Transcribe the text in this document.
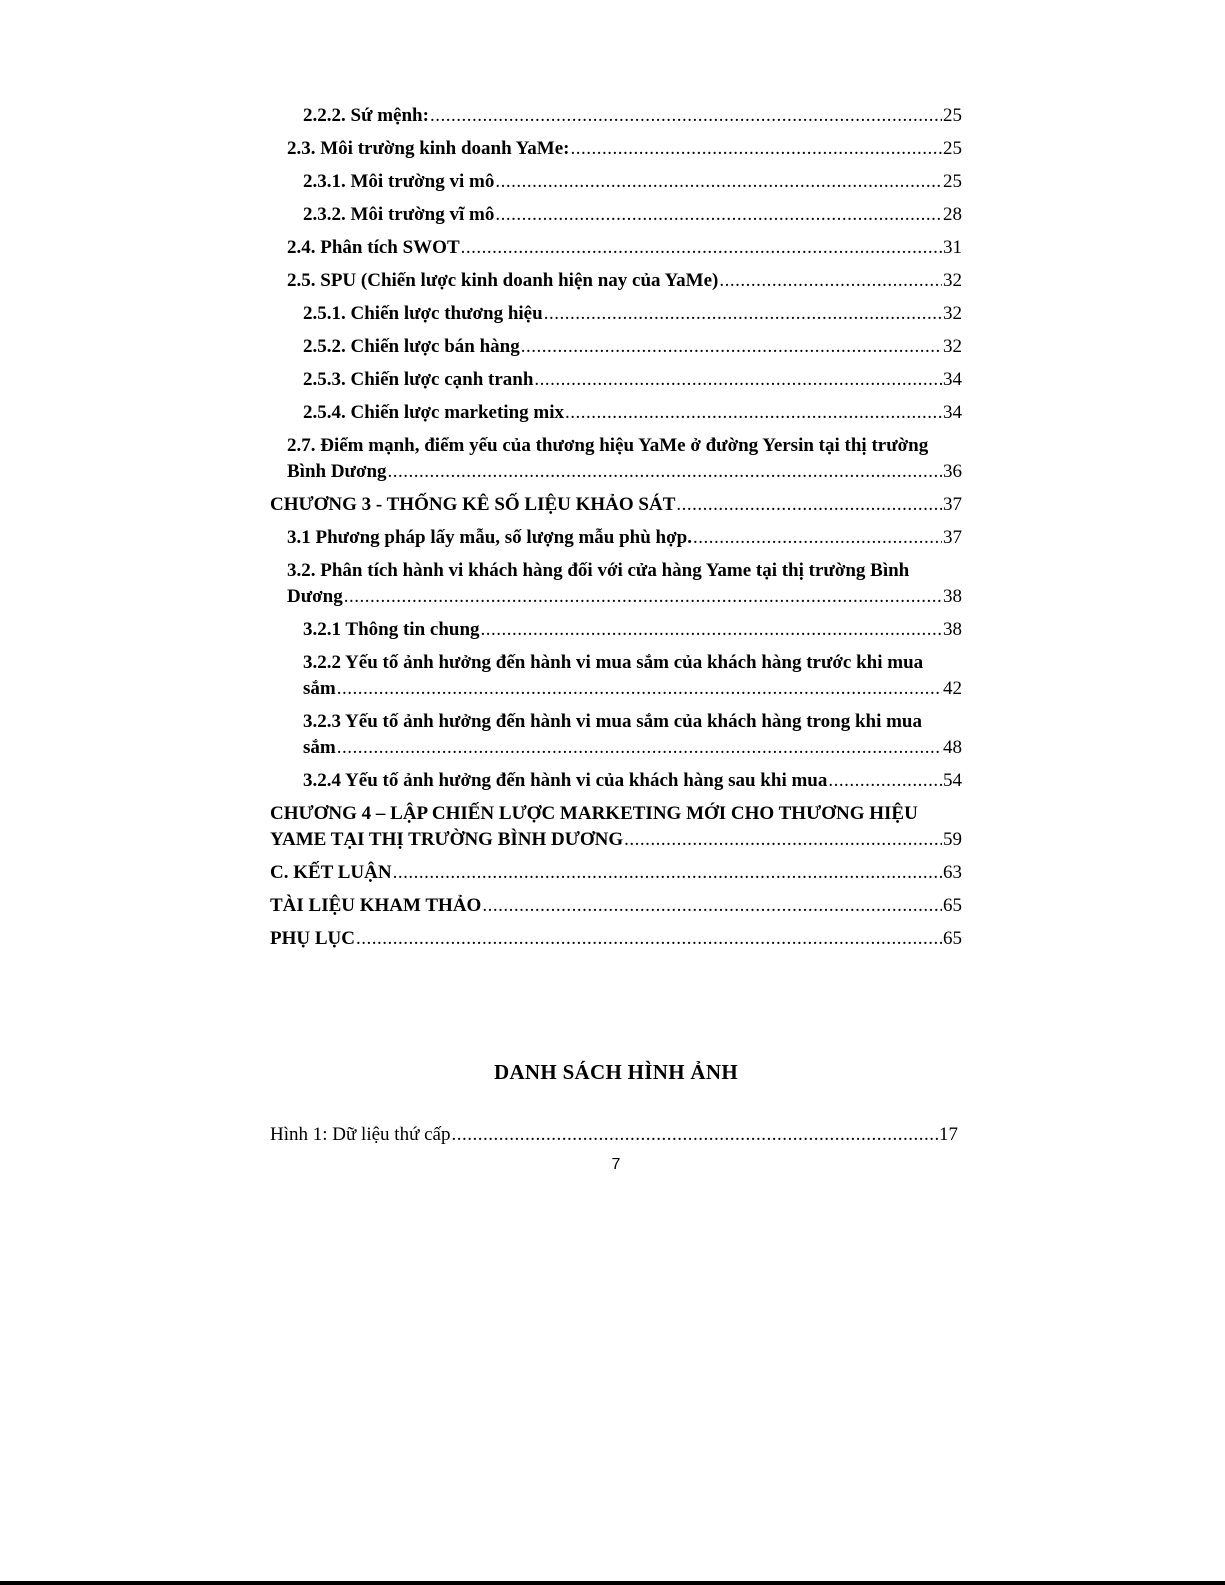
2.2.2. Sứ mệnh: .....	25
2.3. Môi trường kinh doanh YaMe: .....	25
2.3.1. Môi trường vi mô .....	25
2.3.2. Môi trường vĩ mô .....	28
2.4. Phân tích SWOT .....	31
2.5. SPU (Chiến lược kinh doanh hiện nay của YaMe) .....	32
2.5.1. Chiến lược thương hiệu .....	32
2.5.2. Chiến lược bán hàng .....	32
2.5.3. Chiến lược cạnh tranh .....	34
2.5.4. Chiến lược marketing mix .....	34
2.7. Điểm mạnh, điểm yếu của thương hiệu YaMe ở đường Yersin tại thị trường
Bình Dương .....	36
CHƯƠNG 3 - THỐNG KÊ SỐ LIỆU KHẢO SÁT .....	37
3.1 Phương pháp lấy mẫu, số lượng mẫu phù hợp. .....	37
3.2. Phân tích hành vi khách hàng đối với cửa hàng Yame tại thị trường Bình
Dương .....	38
3.2.1 Thông tin chung .....	38
3.2.2 Yếu tố ảnh hưởng đến hành vi mua sắm của khách hàng trước khi mua
sắm .....	42
3.2.3 Yếu tố ảnh hưởng đến hành vi mua sắm của khách hàng trong khi mua
sắm .....	48
3.2.4 Yếu tố ảnh hưởng đến hành vi của khách hàng sau khi mua .....	54
CHƯƠNG 4 – LẬP CHIẾN LƯỢC MARKETING MỚI CHO THƯƠNG HIỆU
YAME TẠI THỊ TRƯỜNG BÌNH DƯƠNG .....	59
C. KẾT LUẬN .....	63
TÀI LIỆU KHAM THẢO .....	65
PHỤ LỤC .....	65
DANH SÁCH HÌNH ẢNH
Hình 1: Dữ liệu thứ cấp .....	17
7
